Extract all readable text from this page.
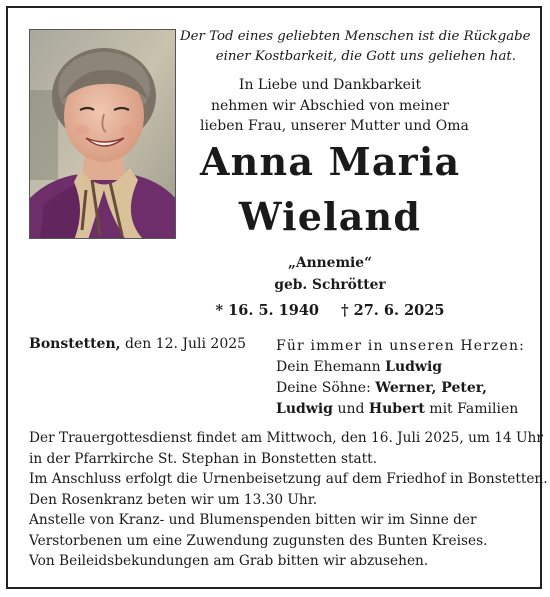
Der Tod eines geliebten Menschen ist die Rückgabe
einer Kostbarkeit, die Gott uns geliehen hat.
In Liebe und Dankbarkeit
nehmen wir Abschied von meiner
lieben Frau, unserer Mutter und Oma
Anna Maria
Wieland
„Annemie“
geb. Schrötter
* 16. 5. 1940 † 27. 6. 2025
Bonstetten, den 12. Juli 2025 Für immer in unseren Herzen:
Dein Ehemann Ludwig
Deine Söhne: Werner, Peter,
Ludwig und Hubert mit Familien
Der Trauergottesdienst findet am Mittwoch, den 16. Juli 2025, um 14 Uhr
in der Pfarrkirche St. Stephan in Bonstetten statt.
Im Anschluss erfolgt die Urnenbeisetzung auf dem Friedhof in Bonstetten.
Den Rosenkranz beten wir um 13.30 Uhr.
Anstelle von Kranz- und Blumenspenden bitten wir im Sinne der
Verstorbenen um eine Zuwendung zugunsten des Bunten Kreises.
Von Beileidsbekundungen am Grab bitten wir abzusehen.
